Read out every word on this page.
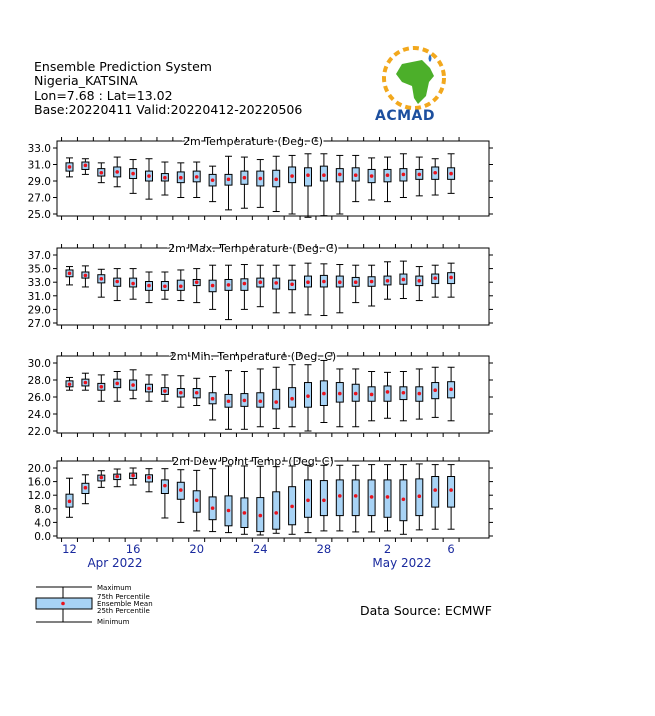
Ensemble Prediction System
Nigeria_KATSINA
Lon=7.68 : Lat=13.02
Base:20220411 Valid:20220412-20220506	ACMAD
2m Temperature (Deg. C)
25.0
27.0
29.0
31.0
33.0
2m Max. Temperature (Deg. C)
27.0
29.0
31.0
33.0
35.0
37.0
2m Min. Temperature (Deg. C)
22.0
24.0
26.0
28.0
30.0
2m Dew Point Temp. (Deg. C)
0.0
4.0
8.0
12.0
16.0
20.0
12	16	20	24	28	2	6
Apr 2022	May 2022
Maximum
75th Percentile
Ensemble Mean
25th Percentile
Minimum
Data Source: ECMWF
